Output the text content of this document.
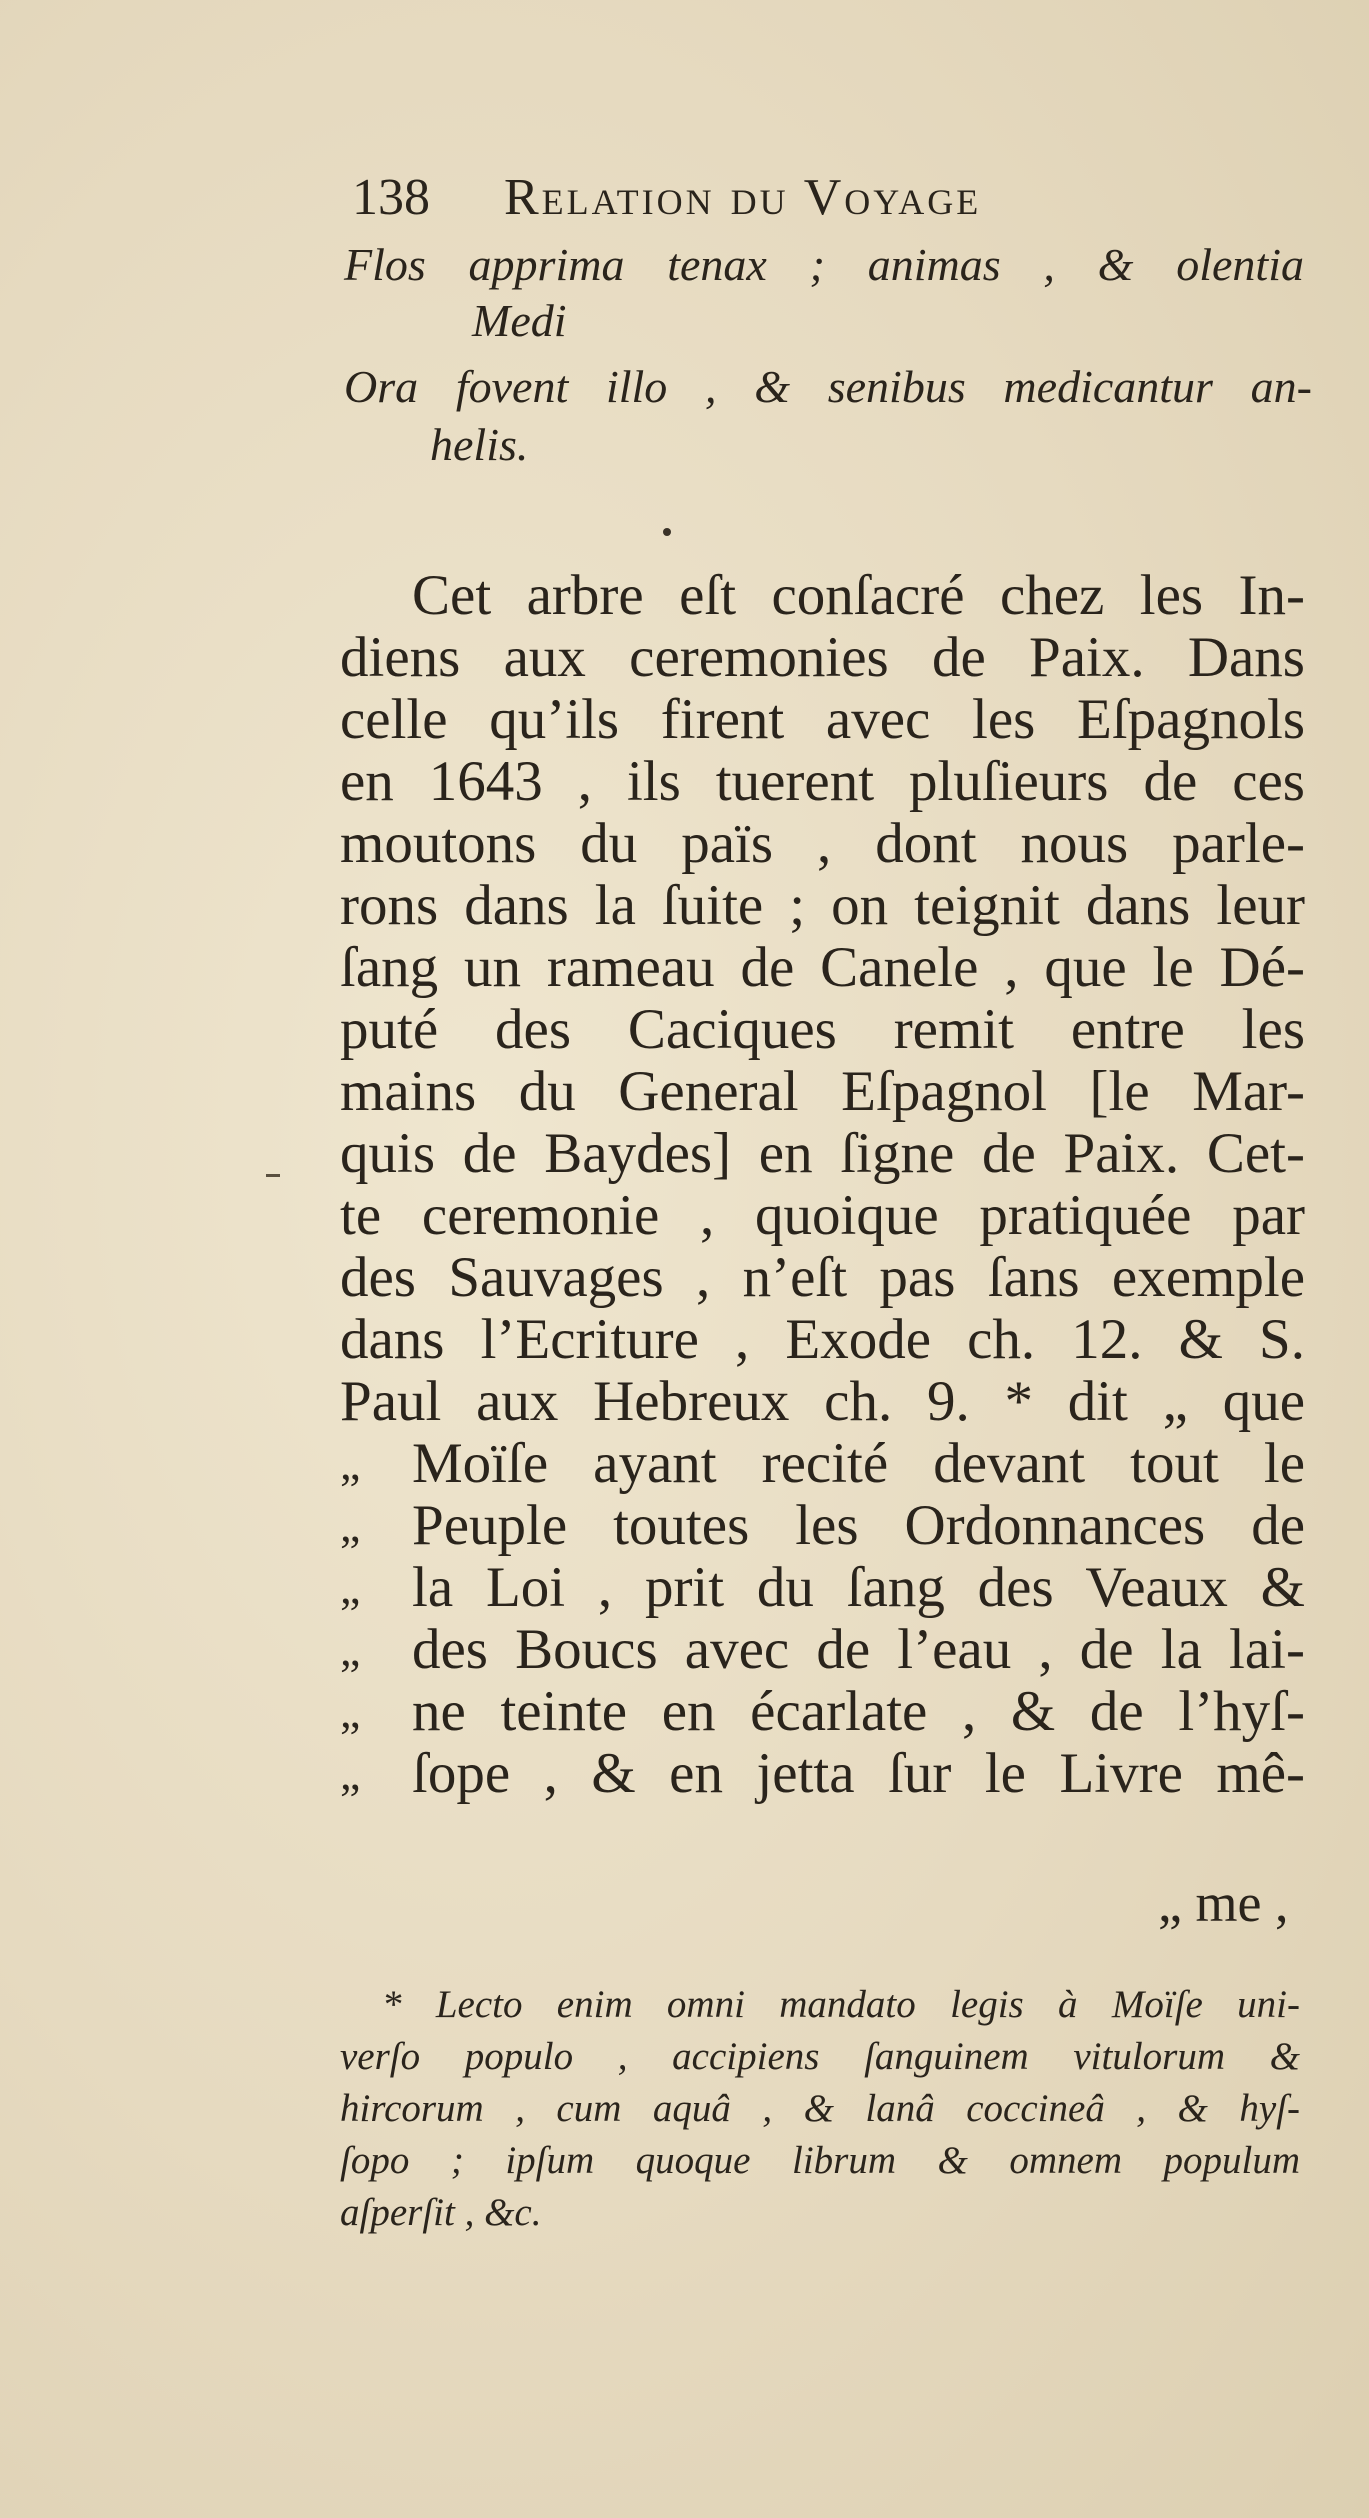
138 Relation du Voyage
Flos apprima tenax ; animas , & olentia
Medi
Ora fovent illo , & senibus medicantur an-
helis.
Cet arbre eſt conſacré chez les In-
diens aux ceremonies de Paix. Dans
celle qu’ils firent avec les Eſpagnols
en 1643 , ils tuerent pluſieurs de ces
moutons du païs , dont nous parle-
rons dans la ſuite ; on teignit dans leur
ſang un rameau de Canele , que le Dé-
puté des Caciques remit entre les
mains du General Eſpagnol [le Mar-
quis de Baydes] en ſigne de Paix. Cet-
te ceremonie , quoique pratiquée par
des Sauvages , n’eſt pas ſans exemple
dans l’Ecriture , Exode ch. 12. & S.
Paul aux Hebreux ch. 9. * dit „ que
„ Moïſe ayant recité devant tout le
„ Peuple toutes les Ordonnances de
„ la Loi , prit du ſang des Veaux &
„ des Boucs avec de l’eau , de la lai-
„ ne teinte en écarlate , & de l’hyſ-
„ ſope , & en jetta ſur le Livre mê-
„ me ,
* Lecto enim omni mandato legis à Moïſe uni-
verſo populo , accipiens ſanguinem vitulorum &
hircorum , cum aquâ , & lanâ coccineâ , & hyſ-
ſopo ; ipſum quoque librum & omnem populum
aſperſit , &c.
